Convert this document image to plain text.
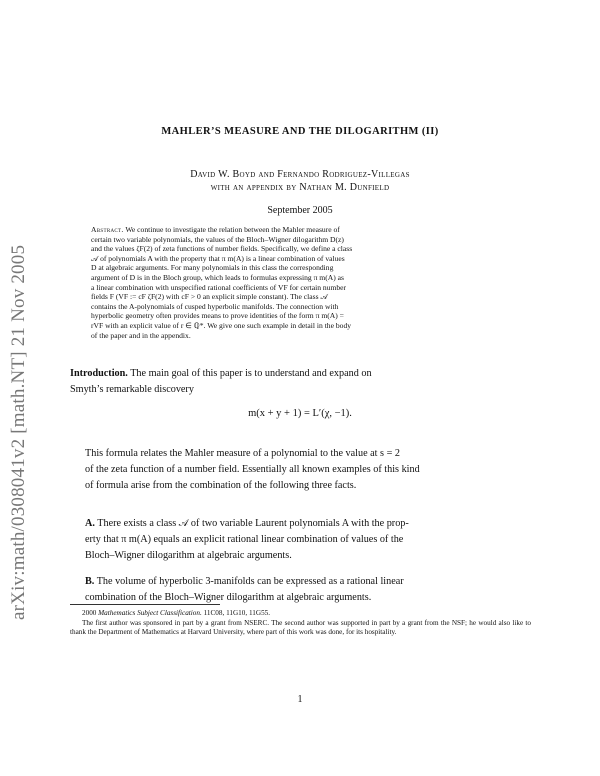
arXiv:math/0308041v2 [math.NT] 21 Nov 2005
MAHLER’S MEASURE AND THE DILOGARITHM (II)
David W. Boyd and Fernando Rodriguez-Villegas
with an appendix by Nathan M. Dunfield
September 2005
Abstract. We continue to investigate the relation between the Mahler measure of
certain two variable polynomials, the values of the Bloch–Wigner dilogarithm D(z)
and the values ζF(2) of zeta functions of number fields. Specifically, we define a class
𝒜 of polynomials A with the property that π m(A) is a linear combination of values
D at algebraic arguments. For many polynomials in this class the corresponding
argument of D is in the Bloch group, which leads to formulas expressing π m(A) as
a linear combination with unspecified rational coefficients of VF for certain number
fields F (VF := cF ζF(2) with cF > 0 an explicit simple constant). The class 𝒜
contains the A-polynomials of cusped hyperbolic manifolds. The connection with
hyperbolic geometry often provides means to prove identities of the form π m(A) =
rVF with an explicit value of r ∈ ℚ*. We give one such example in detail in the body
of the paper and in the appendix.
Introduction. The main goal of this paper is to understand and expand on
Smyth’s remarkable discovery
m(x + y + 1) = L′(χ, −1).
This formula relates the Mahler measure of a polynomial to the value at s = 2
of the zeta function of a number field. Essentially all known examples of this kind
of formula arise from the combination of the following three facts.
A. There exists a class 𝒜 of two variable Laurent polynomials A with the prop-
erty that π m(A) equals an explicit rational linear combination of values of the
Bloch–Wigner dilogarithm at algebraic arguments.
B. The volume of hyperbolic 3-manifolds can be expressed as a rational linear
combination of the Bloch–Wigner dilogarithm at algebraic arguments.

2000 Mathematics Subject Classification. 11C08, 11G10, 11G55.

The first author was sponsored in part by a grant from NSERC. The second author was supported in part by a grant from the NSF; he would also like to thank the Department of Mathematics at Harvard University, where part of this work was done, for its hospitality.

1
